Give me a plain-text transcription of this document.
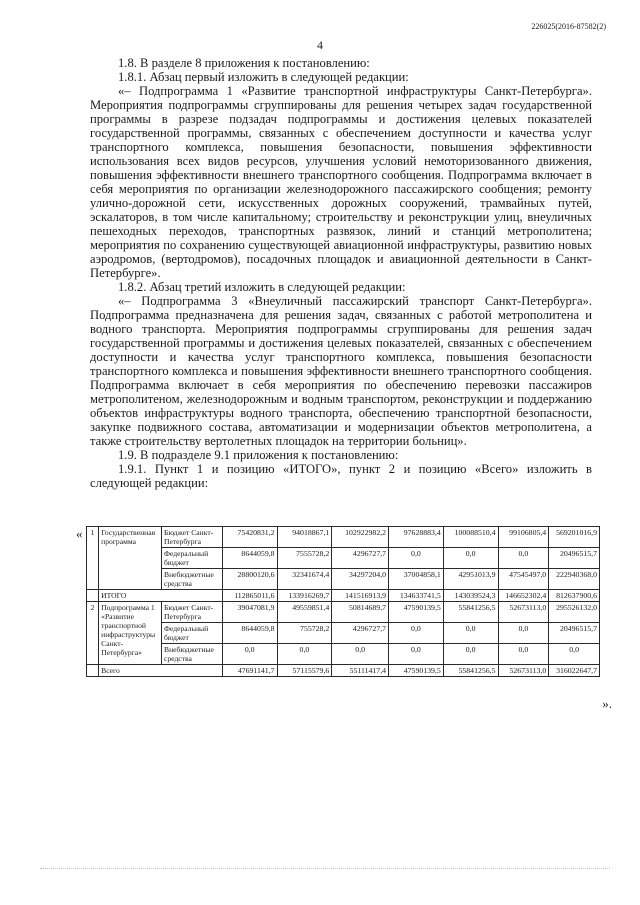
226025(2016-87582(2)
4

1.8. В разделе 8 приложения к постановлению:

1.8.1. Абзац первый изложить в следующей редакции:

«– Подпрограмма 1 «Развитие транспортной инфраструктуры Санкт-Петербурга». Мероприятия подпрограммы сгруппированы для решения четырех задач государственной программы в разрезе подзадач подпрограммы и достижения целевых показателей государственной программы, связанных с обеспечением доступности и качества услуг транспортного комплекса, повышения безопасности, повышения эффективности использования всех видов ресурсов, улучшения условий немоторизованного движения, повышения эффективности внешнего транспортного сообщения. Подпрограмма включает в себя мероприятия по организации железнодорожного пассажирского сообщения; ремонту улично-дорожной сети, искусственных дорожных сооружений, трамвайных путей, эскалаторов, в том числе капитальному; строительству и реконструкции улиц, внеуличных пешеходных переходов, транспортных развязок, линий и станций метрополитена; мероприятия по сохранению существующей авиационной инфраструктуры, развитию новых аэродромов, (вертодромов), посадочных площадок и авиационной деятельности в Санкт-Петербурге».

1.8.2. Абзац третий изложить в следующей редакции:

«– Подпрограмма 3 «Внеуличный пассажирский транспорт Санкт-Петербурга». Подпрограмма предназначена для решения задач, связанных с работой метрополитена и водного транспорта. Мероприятия подпрограммы сгруппированы для решения задач государственной программы и достижения целевых показателей, связанных с обеспечением доступности и качества услуг транспортного комплекса, повышения безопасности транспортного комплекса и повышения эффективности внешнего транспортного сообщения. Подпрограмма включает в себя мероприятия по обеспечению перевозки пассажиров метрополитеном, железнодорожным и водным транспортом, реконструкции и поддержанию объектов инфраструктуры водного транспорта, обеспечению транспортной безопасности, закупке подвижного состава, автоматизации и модернизации объектов метрополитена, а также строительству вертолетных площадок на территории больниц».

1.9. В подразделе 9.1 приложения к постановлению:

1.9.1. Пункт 1 и позицию «ИТОГО», пункт 2 и позицию «Всего» изложить в следующей редакции:

« 1	Государственная программа	Бюджет Санкт-Петербурга	75420831,2	94018867,1	102922982,2	97628883,4	100088510,4	99106805,4	569201016,9
		Федеральный бюджет	8644059,8	7555728,2	4296727,7	0,0	0,0	0,0	20496515,7
		Внебюджетные средства	28800120,6	32341674,4	34297204,0	37004858,1	42951013,9	47545497,0	222940368,0
	ИТОГО		112865011,6	133916269,7	141516913,9	134633741,5	143039524,3	146652302,4	812637900,6
2	Подпрограмма 1 «Развитие транспортной инфраструктуры Санкт-Петербурга»	Бюджет Санкт-Петербурга	39047081,9	49559851,4	50814689,7	47590139,5	55841256,5	52673113,0	295526132,0
		Федеральный бюджет	8644059,8	755728,2	4296727,7	0,0	0,0	0,0	20496515,7
		Внебюджетные средства	0,0	0,0	0,0	0,0	0,0	0,0	0,0
	Всего		47691141,7	57115579,6	55111417,4	47590139,5	55841256,5	52673113,0	316022647,7
».
